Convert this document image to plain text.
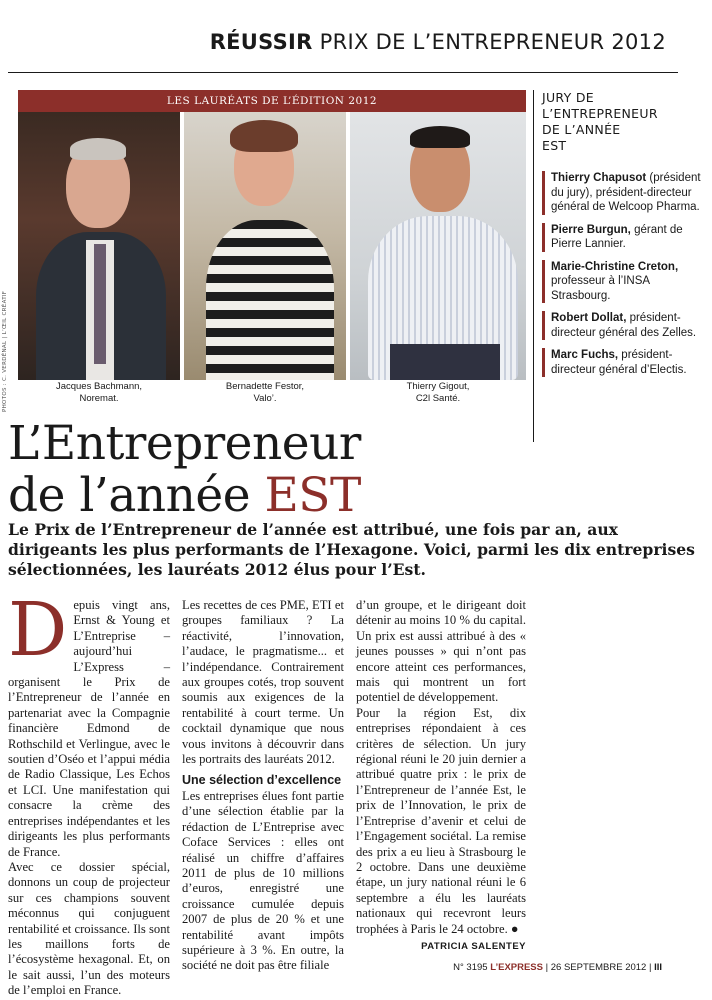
RÉUSSIR PRIX DE L’ENTREPRENEUR 2012
LES LAURÉATS DE L’ÉDITION 2012
PHOTOS : C. VERDÉNAL | L’ŒIL CRÉATIF	Jacques Bachmann,
Noremat.
Bernadette Festor,
Valo’.
Thierry Gigout,
C2l Santé.
JURY DE
L’ENTREPRENEUR
DE L’ANNÉE
EST
Thierry Chapusot (président du jury), président-directeur général de Welcoop Pharma.
Pierre Burgun, gérant de Pierre Lannier.
Marie-Christine Creton, professeur à l’INSA Strasbourg.
Robert Dollat, président-directeur général des Zelles.
Marc Fuchs, président-directeur général d’Electis.
L’Entrepreneur
de l’année EST
Le Prix de l’Entrepreneur de l’année est attribué, une fois par an, aux dirigeants les plus performants de l’Hexagone. Voici, parmi les dix entreprises sélectionnées, les lauréats 2012 élus pour l’Est.

Depuis vingt ans, Ernst & Young et L’Entreprise – aujourd’hui L’Express – organisent le Prix de l’Entrepreneur de l’année en partenariat avec la Compagnie financière Edmond de Rothschild et Verlingue, avec le soutien d’Oséo et l’appui média de Radio Classique, Les Echos et LCI. Une manifestation qui consacre la crème des entreprises indépendantes et les dirigeants les plus performants de France.

Avec ce dossier spécial, donnons un coup de projecteur sur ces champions souvent méconnus qui conjuguent rentabilité et croissance. Ils sont les maillons forts de l’écosystème hexagonal. Et, on le sait aussi, l’un des moteurs de l’emploi en France.

Les recettes de ces PME, ETI et groupes familiaux ? La réactivité, l’innovation, l’audace, le pragmatisme... et l’indépendance. Contrairement aux groupes cotés, trop souvent soumis aux exigences de la rentabilité à court terme. Un cocktail dynamique que nous vous invitons à découvrir dans les portraits des lauréats 2012.

Une sélection d’excellence

Les entreprises élues font partie d’une sélection établie par la rédaction de L’Entreprise avec Coface Services : elles ont réalisé un chiffre d’affaires 2011 de plus de 10 millions d’euros, enregistré une croissance cumulée depuis 2007 de plus de 20 % et une rentabilité avant impôts supérieure à 3 %. En outre, la société ne doit pas être filiale

d’un groupe, et le dirigeant doit détenir au moins 10 % du capital. Un prix est aussi attribué à des « jeunes pousses » qui n’ont pas encore atteint ces performances, mais qui montrent un fort potentiel de développement.

Pour la région Est, dix entreprises répondaient à ces critères de sélection. Un jury régional réuni le 20 juin dernier a attribué quatre prix : le prix de l’Entrepreneur de l’année Est, le prix de l’Innovation, le prix de l’Entreprise d’avenir et celui de l’Engagement sociétal. La remise des prix a eu lieu à Strasbourg le 2 octobre. Dans une deuxième étape, un jury national réuni le 6 septembre a élu les lauréats nationaux qui recevront leurs trophées à Paris le 24 octobre. ●

PATRICIA SALENTEY
N° 3195 L’EXPRESS | 26 SEPTEMBRE 2012 | III
